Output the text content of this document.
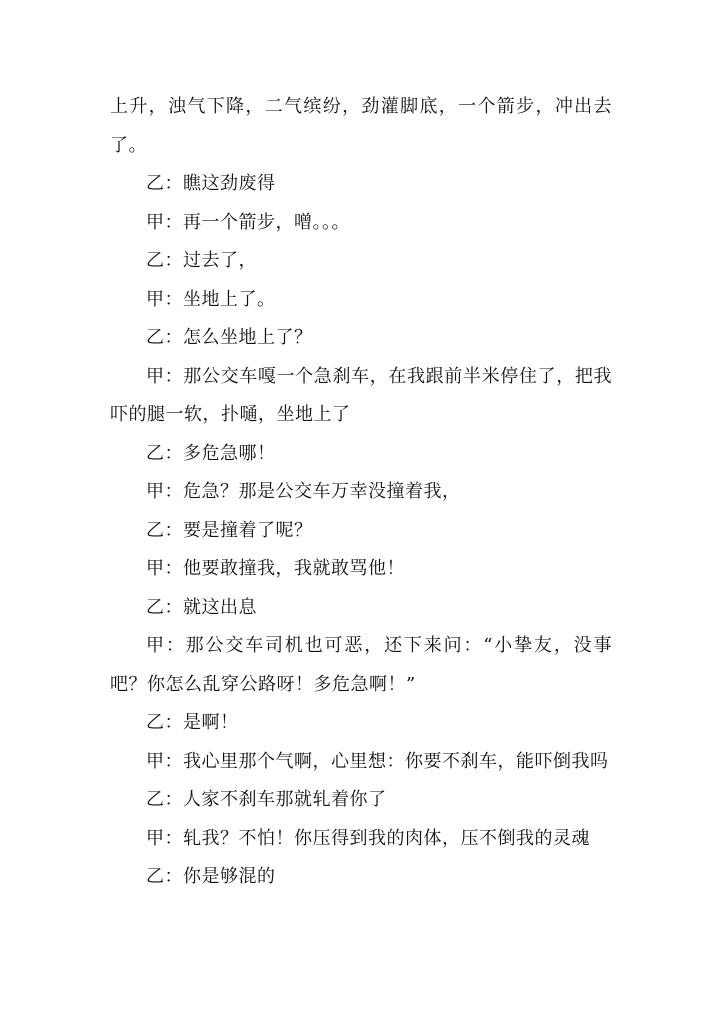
上升，浊气下降，二气缤纷，劲灌脚底，一个箭步，冲出去了。

乙：瞧这劲废得

甲：再一个箭步，噌。。。

乙：过去了，

甲：坐地上了。

乙：怎么坐地上了？

甲：那公交车嘎一个急刹车，在我跟前半米停住了，把我吓的腿一软，扑嗵，坐地上了

乙：多危急哪！

甲：危急？那是公交车万幸没撞着我，

乙：要是撞着了呢？

甲：他要敢撞我，我就敢骂他！

乙：就这出息

甲：那公交车司机也可恶，还下来问：“小挚友，没事吧？你怎么乱穿公路呀！多危急啊！”

乙：是啊！

甲：我心里那个气啊，心里想：你要不刹车，能吓倒我吗

乙：人家不刹车那就轧着你了

甲：轧我？不怕！你压得到我的肉体，压不倒我的灵魂

乙：你是够混的
